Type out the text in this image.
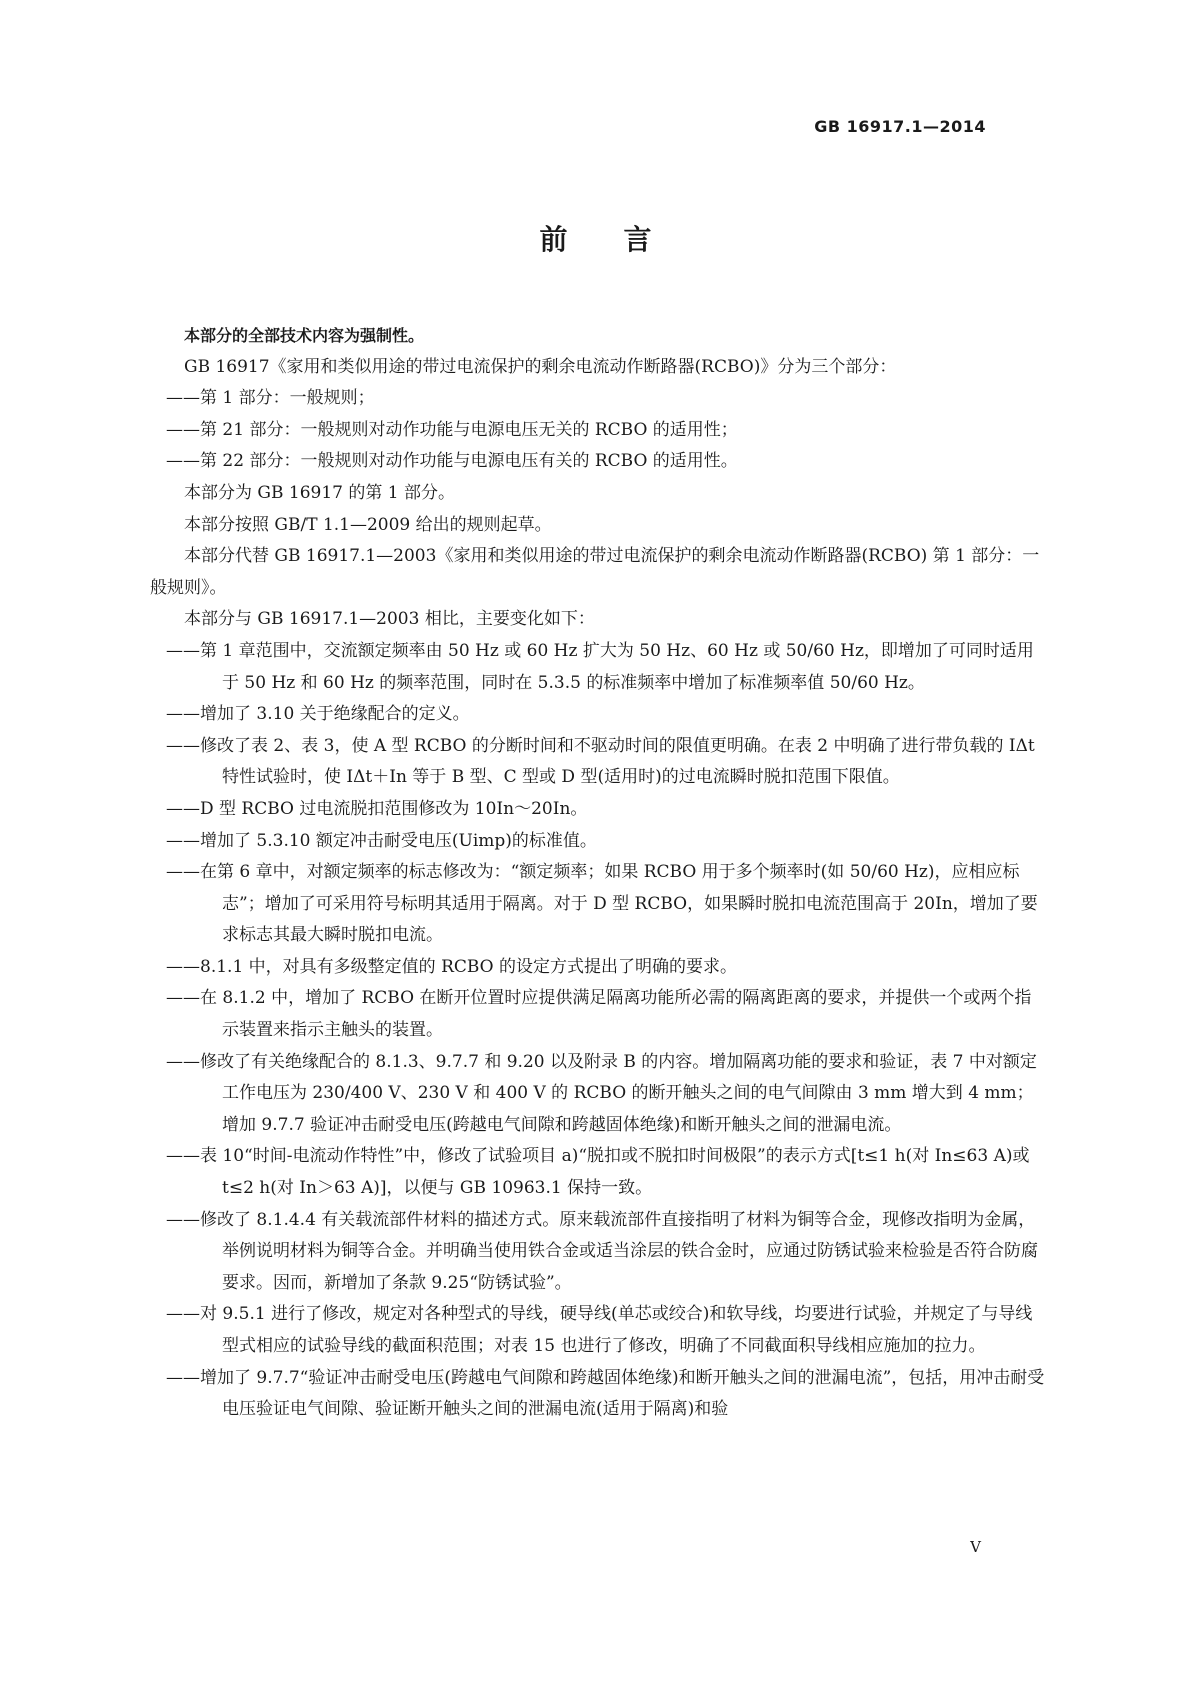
GB 16917.1—2014
前　　言

本部分的全部技术内容为强制性。

GB 16917《家用和类似用途的带过电流保护的剩余电流动作断路器(RCBO)》分为三个部分：

——第 1 部分：一般规则；

——第 21 部分：一般规则对动作功能与电源电压无关的 RCBO 的适用性；

——第 22 部分：一般规则对动作功能与电源电压有关的 RCBO 的适用性。

本部分为 GB 16917 的第 1 部分。

本部分按照 GB/T 1.1—2009 给出的规则起草。

本部分代替 GB 16917.1—2003《家用和类似用途的带过电流保护的剩余电流动作断路器(RCBO) 第 1 部分：一般规则》。

本部分与 GB 16917.1—2003 相比，主要变化如下：

——第 1 章范围中，交流额定频率由 50 Hz 或 60 Hz 扩大为 50 Hz、60 Hz 或 50/60 Hz，即增加了可同时适用于 50 Hz 和 60 Hz 的频率范围，同时在 5.3.5 的标准频率中增加了标准频率值 50/60 Hz。

——增加了 3.10 关于绝缘配合的定义。

——修改了表 2、表 3，使 A 型 RCBO 的分断时间和不驱动时间的限值更明确。在表 2 中明确了进行带负载的 IΔt 特性试验时，使 IΔt＋In 等于 B 型、C 型或 D 型(适用时)的过电流瞬时脱扣范围下限值。

——D 型 RCBO 过电流脱扣范围修改为 10In～20In。

——增加了 5.3.10 额定冲击耐受电压(Uimp)的标准值。

——在第 6 章中，对额定频率的标志修改为：“额定频率；如果 RCBO 用于多个频率时(如 50/60 Hz)，应相应标志”；增加了可采用符号标明其适用于隔离。对于 D 型 RCBO，如果瞬时脱扣电流范围高于 20In，增加了要求标志其最大瞬时脱扣电流。

——8.1.1 中，对具有多级整定值的 RCBO 的设定方式提出了明确的要求。

——在 8.1.2 中，增加了 RCBO 在断开位置时应提供满足隔离功能所必需的隔离距离的要求，并提供一个或两个指示装置来指示主触头的装置。

——修改了有关绝缘配合的 8.1.3、9.7.7 和 9.20 以及附录 B 的内容。增加隔离功能的要求和验证，表 7 中对额定工作电压为 230/400 V、230 V 和 400 V 的 RCBO 的断开触头之间的电气间隙由 3 mm 增大到 4 mm；增加 9.7.7 验证冲击耐受电压(跨越电气间隙和跨越固体绝缘)和断开触头之间的泄漏电流。

——表 10“时间-电流动作特性”中，修改了试验项目 a)“脱扣或不脱扣时间极限”的表示方式[t≤1 h(对 In≤63 A)或 t≤2 h(对 In＞63 A)]，以便与 GB 10963.1 保持一致。

——修改了 8.1.4.4 有关载流部件材料的描述方式。原来载流部件直接指明了材料为铜等合金，现修改指明为金属，举例说明材料为铜等合金。并明确当使用铁合金或适当涂层的铁合金时，应通过防锈试验来检验是否符合防腐要求。因而，新增加了条款 9.25“防锈试验”。

——对 9.5.1 进行了修改，规定对各种型式的导线，硬导线(单芯或绞合)和软导线，均要进行试验，并规定了与导线型式相应的试验导线的截面积范围；对表 15 也进行了修改，明确了不同截面积导线相应施加的拉力。

——增加了 9.7.7“验证冲击耐受电压(跨越电气间隙和跨越固体绝缘)和断开触头之间的泄漏电流”，包括，用冲击耐受电压验证电气间隙、验证断开触头之间的泄漏电流(适用于隔离)和验

V
